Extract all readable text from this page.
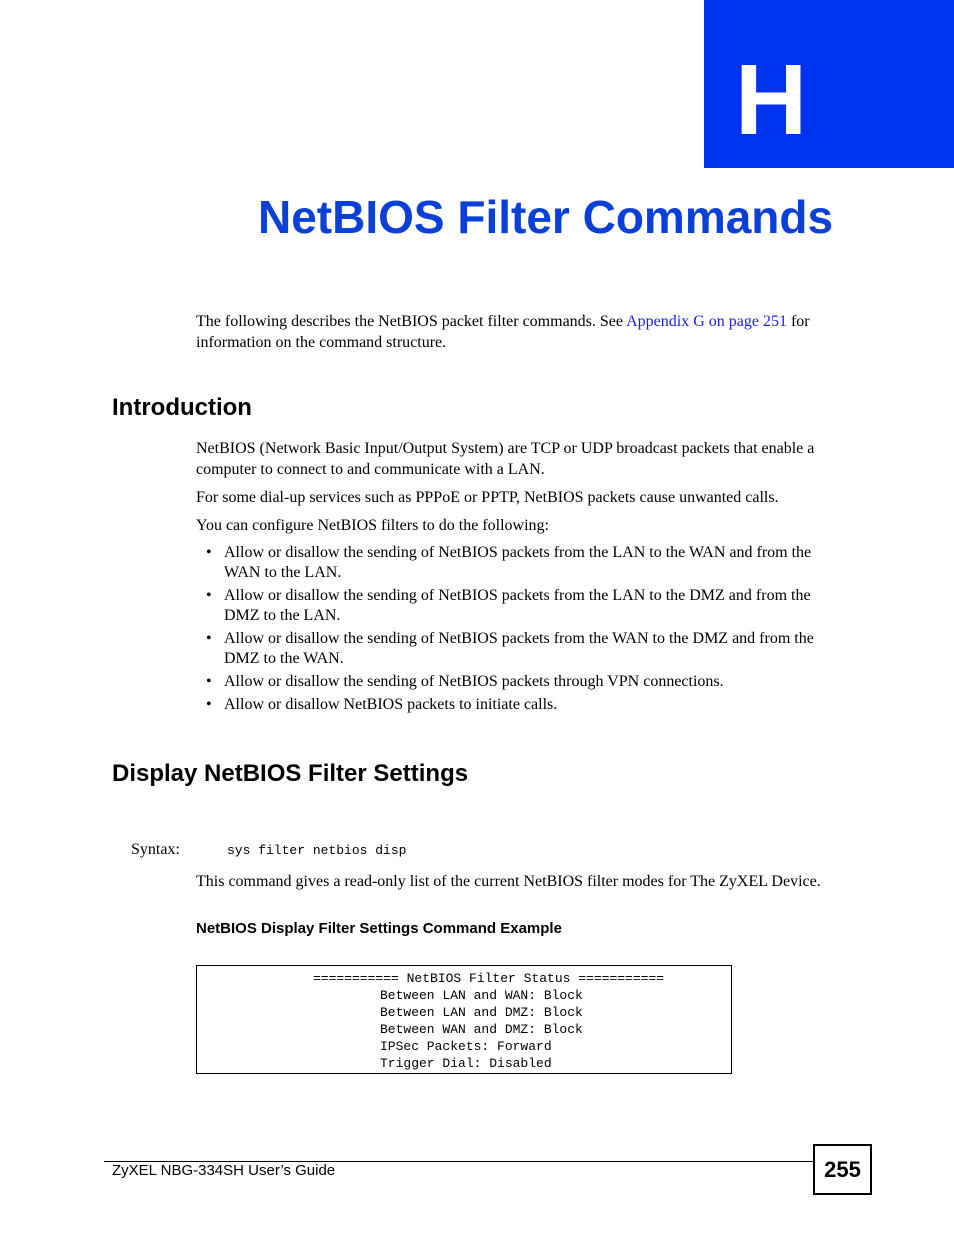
H
NetBIOS Filter Commands

The following describes the NetBIOS packet filter commands. See Appendix G on page 251 for information on the command structure.

Introduction

NetBIOS (Network Basic Input/Output System) are TCP or UDP broadcast packets that enable a computer to connect to and communicate with a LAN.

For some dial-up services such as PPPoE or PPTP, NetBIOS packets cause unwanted calls.

You can configure NetBIOS filters to do the following:

• Allow or disallow the sending of NetBIOS packets from the LAN to the WAN and from the WAN to the LAN.
• Allow or disallow the sending of NetBIOS packets from the LAN to the DMZ and from the DMZ to the LAN.
• Allow or disallow the sending of NetBIOS packets from the WAN to the DMZ and from the DMZ to the WAN.
• Allow or disallow the sending of NetBIOS packets through VPN connections.
• Allow or disallow NetBIOS packets to initiate calls.
Display NetBIOS Filter Settings
Syntax:	sys filter netbios disp

This command gives a read-only list of the current NetBIOS filter modes for The ZyXEL Device.

NetBIOS Display Filter Settings Command Example

=========== NetBIOS Filter Status ===========
Between LAN and WAN: Block
Between LAN and DMZ: Block
Between WAN and DMZ: Block
IPSec Packets: Forward
Trigger Dial: Disabled
ZyXEL NBG-334SH User’s Guide	255
